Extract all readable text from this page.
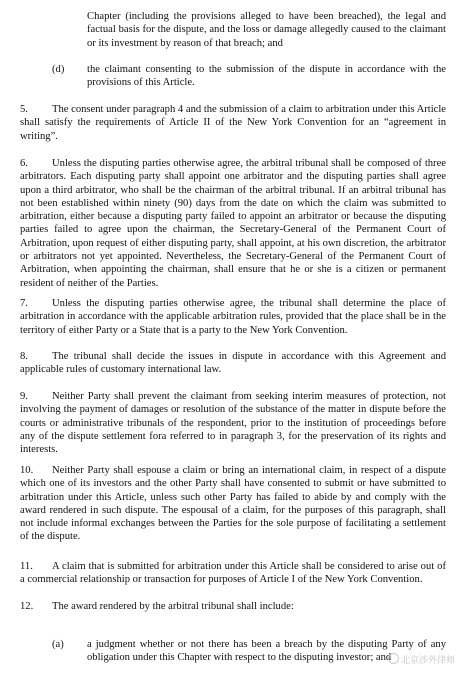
Chapter (including the provisions alleged to have been breached), the legal and factual basis for the dispute, and the loss or damage allegedly caused to the claimant or its investment by reason of that breach; and

(d) the claimant consenting to the submission of the dispute in accordance with the provisions of this Article.

5. The consent under paragraph 4 and the submission of a claim to arbitration under this Article shall satisfy the requirements of Article II of the New York Convention for an “agreement in writing”.

6. Unless the disputing parties otherwise agree, the arbitral tribunal shall be composed of three arbitrators. Each disputing party shall appoint one arbitrator and the disputing parties shall agree upon a third arbitrator, who shall be the chairman of the arbitral tribunal. If an arbitral tribunal has not been established within ninety (90) days from the date on which the claim was submitted to arbitration, either because a disputing party failed to appoint an arbitrator or because the disputing parties failed to agree upon the chairman, the Secretary-General of the Permanent Court of Arbitration, upon request of either disputing party, shall appoint, at his own discretion, the arbitrator or arbitrators not yet appointed. Nevertheless, the Secretary-General of the Permanent Court of Arbitration, when appointing the chairman, shall ensure that he or she is a citizen or permanent resident of neither of the Parties.

7. Unless the disputing parties otherwise agree, the tribunal shall determine the place of arbitration in accordance with the applicable arbitration rules, provided that the place shall be in the territory of either Party or a State that is a party to the New York Convention.

8. The tribunal shall decide the issues in dispute in accordance with this Agreement and applicable rules of customary international law.

9. Neither Party shall prevent the claimant from seeking interim measures of protection, not involving the payment of damages or resolution of the substance of the matter in dispute before the courts or administrative tribunals of the respondent, prior to the institution of proceedings before any of the dispute settlement fora referred to in paragraph 3, for the preservation of its rights and interests.

10. Neither Party shall espouse a claim or bring an international claim, in respect of a dispute which one of its investors and the other Party shall have consented to submit or have submitted to arbitration under this Article, unless such other Party has failed to abide by and comply with the award rendered in such dispute. The espousal of a claim, for the purposes of this paragraph, shall not include informal exchanges between the Parties for the sole purpose of facilitating a settlement of the dispute.

11. A claim that is submitted for arbitration under this Article shall be considered to arise out of a commercial relationship or transaction for purposes of Article I of the New York Convention.

12. The award rendered by the arbitral tribunal shall include:

(a) a judgment whether or not there has been a breach by the disputing Party of any obligation under this Chapter with respect to the disputing investor; and	北京涉外律师
